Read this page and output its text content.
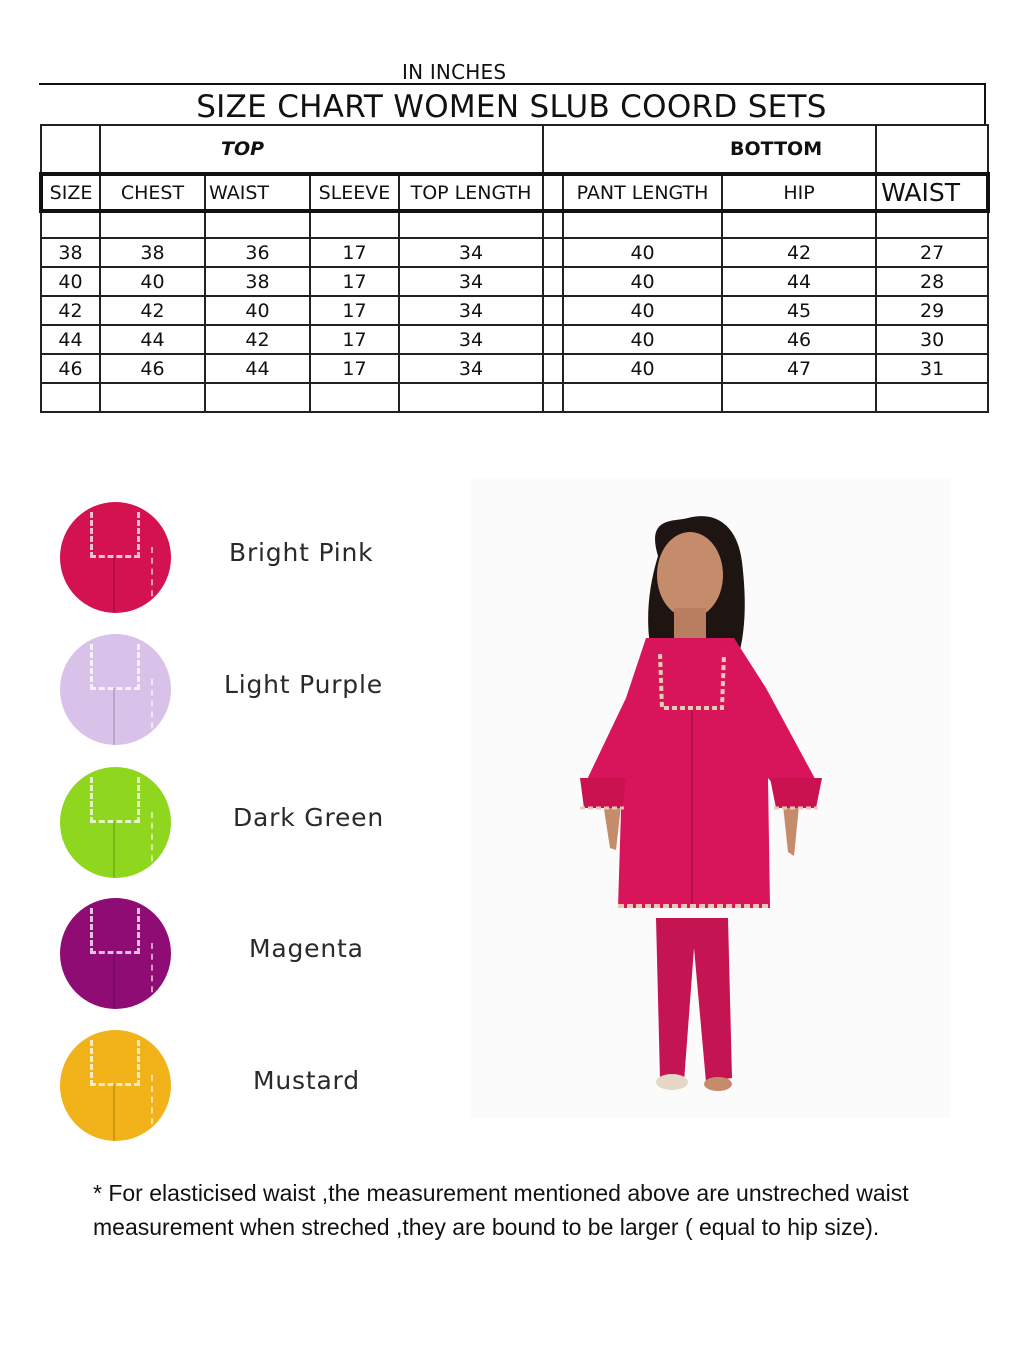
IN INCHES
SIZE CHART WOMEN SLUB COORD SETS
	TOP				BOTTOM			
SIZE	CHEST	WAIST	SLEEVE	TOP LENGTH		PANT LENGTH	HIP	WAIST

38	38	36	17	34		40	42	27
40	40	38	17	34		40	44	28
42	42	40	17	34		40	45	29
44	44	42	17	34		40	46	30
46	46	44	17	34		40	47	31

Bright Pink
Light Purple
Dark Green
Magenta
Mustard
* For elasticised waist ,the measurement mentioned above are unstreched waist
measurement when streched ,they are bound to be larger ( equal to hip size).
